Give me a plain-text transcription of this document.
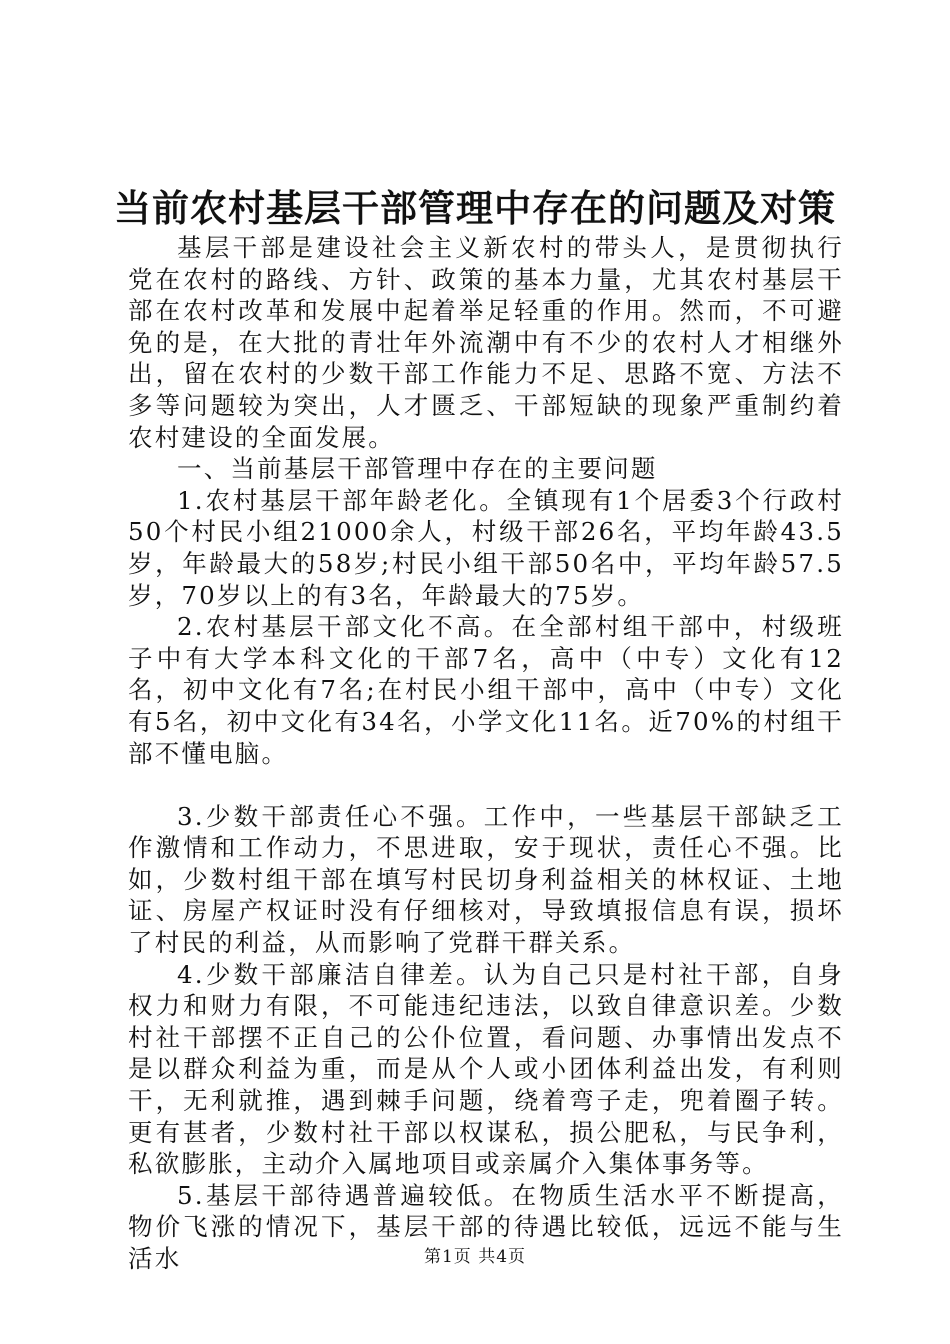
当前农村基层干部管理中存在的问题及对策

基层干部是建设社会主义新农村的带头人，是贯彻执行党在农村的路线、方针、政策的基本力量，尤其农村基层干部在农村改革和发展中起着举足轻重的作用。然而，不可避免的是，在大批的青壮年外流潮中有不少的农村人才相继外出，留在农村的少数干部工作能力不足、思路不宽、方法不多等问题较为突出，人才匮乏、干部短缺的现象严重制约着农村建设的全面发展。

一、当前基层干部管理中存在的主要问题

1.农村基层干部年龄老化。全镇现有1个居委3个行政村50个村民小组21000余人，村级干部26名，平均年龄43.5岁，年龄最大的58岁;村民小组干部50名中，平均年龄57.5岁，70岁以上的有3名，年龄最大的75岁。

2.农村基层干部文化不高。在全部村组干部中，村级班子中有大学本科文化的干部7名，高中（中专）文化有12名，初中文化有7名;在村民小组干部中，高中（中专）文化有5名，初中文化有34名，小学文化11名。近70%的村组干部不懂电脑。

3.少数干部责任心不强。工作中，一些基层干部缺乏工作激情和工作动力，不思进取，安于现状，责任心不强。比如，少数村组干部在填写村民切身利益相关的林权证、土地证、房屋产权证时没有仔细核对，导致填报信息有误，损坏了村民的利益，从而影响了党群干群关系。

4.少数干部廉洁自律差。认为自己只是村社干部，自身权力和财力有限，不可能违纪违法，以致自律意识差。少数村社干部摆不正自己的公仆位置，看问题、办事情出发点不是以群众利益为重，而是从个人或小团体利益出发，有利则干，无利就推，遇到棘手问题，绕着弯子走，兜着圈子转。更有甚者，少数村社干部以权谋私，损公肥私，与民争利，私欲膨胀，主动介入属地项目或亲属介入集体事务等。

5.基层干部待遇普遍较低。在物质生活水平不断提高，物价飞涨的情况下，基层干部的待遇比较低，远远不能与生活水	第1页 共4页
